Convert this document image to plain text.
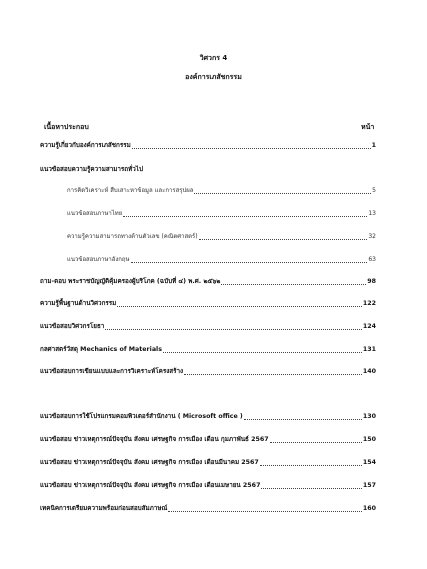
วิศวกร 4
องค์การเภสัชกรรม
เนื้อหาประกอบ	หน้า
ความรู้เกี่ยวกับองค์การเภสัชกรรม	1
แนวข้อสอบความรู้ความสามารถทั่วไป
การคิดวิเคราะห์ สืบเสาะหาข้อมูล และการสรุปผล	5
แนวข้อสอบภาษาไทย	13
ความรู้ความสามารถทางด้านตัวเลข (คณิตศาสตร์)	32
แนวข้อสอบภาษาอังกฤษ	63
ถาม-ตอบ พระราชบัญญัติคุ้มครองผู้บริโภค (ฉบับที่ ๔) พ.ศ. ๒๕๖๒	98
ความรู้พื้นฐานด้านวิศวกรรม	122
แนวข้อสอบวิศวกรโยธา	124
กลศาสตร์วัสดุ Mechanics of Materials	131
แนวข้อสอบการเขียนแบบและการวิเคราะห์โครงสร้าง	140
แนวข้อสอบการใช้โปรแกรมคอมพิวเตอร์สำนักงาน ( Microsoft office )	130
แนวข้อสอบ ข่าวเหตุการณ์ปัจจุบัน สังคม เศรษฐกิจ การเมือง เดือน กุมภาพันธ์ 2567	150
แนวข้อสอบ ข่าวเหตุการณ์ปัจจุบัน สังคม เศรษฐกิจ การเมือง เดือนมีนาคม 2567	154
แนวข้อสอบ ข่าวเหตุการณ์ปัจจุบัน สังคม เศรษฐกิจ การเมือง เดือนเมษายน 2567	157
เทคนิคการเตรียมความพร้อมก่อนสอบสัมภาษณ์	160
